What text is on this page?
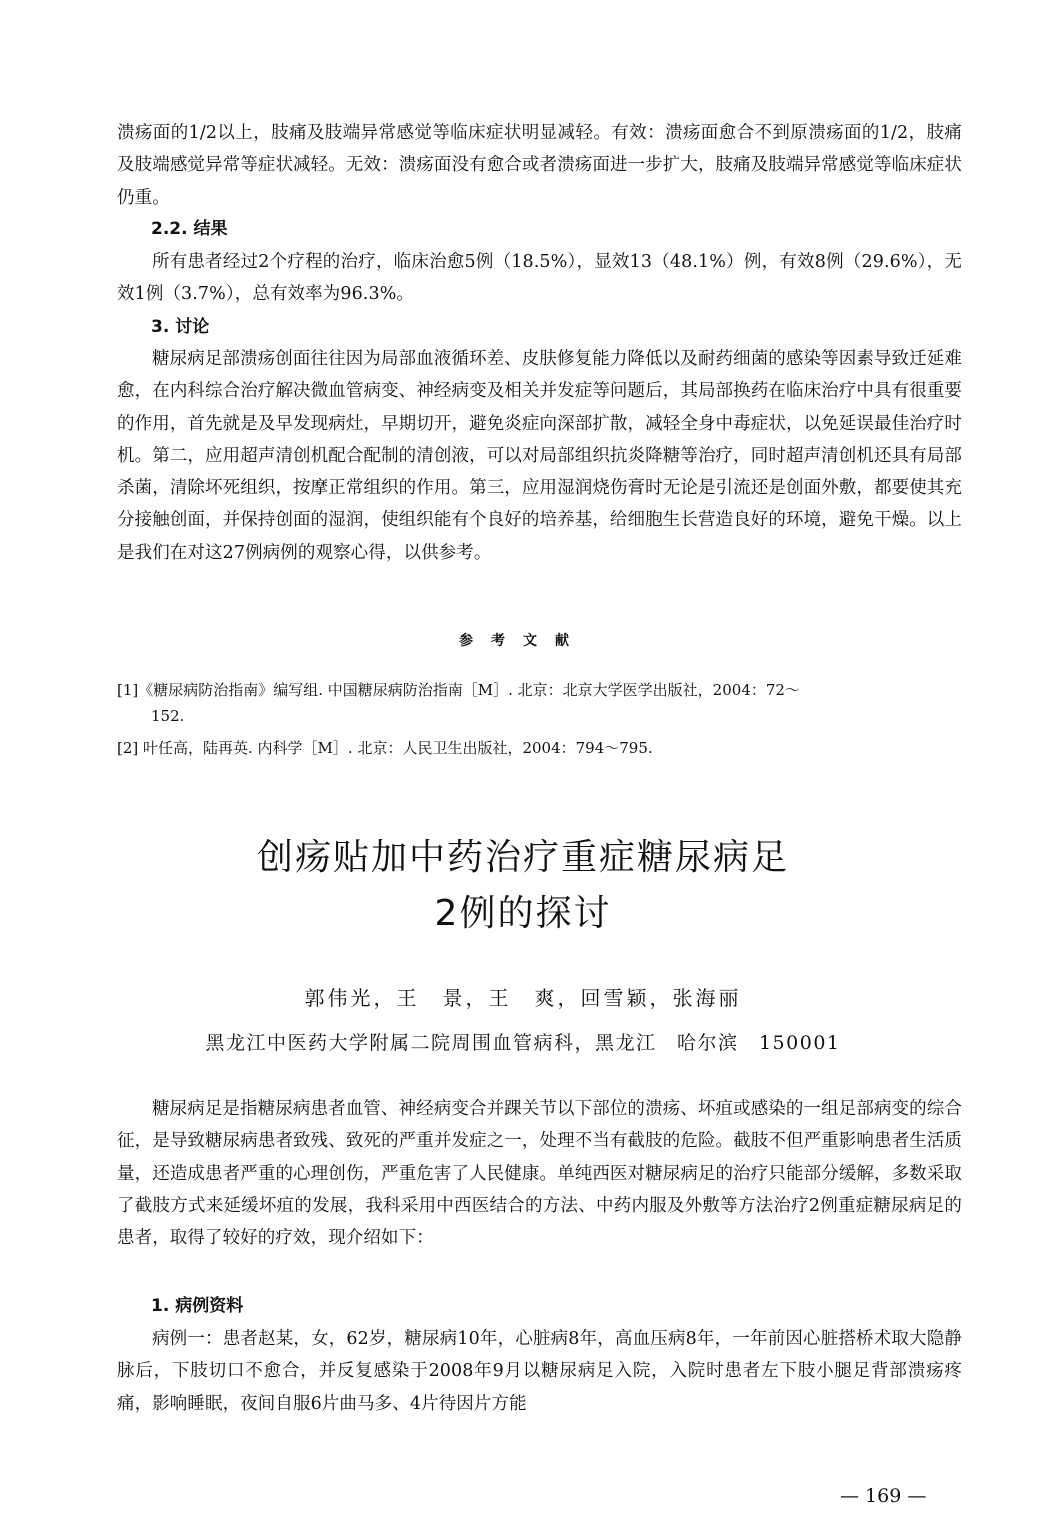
溃疡面的1/2以上，肢痛及肢端异常感觉等临床症状明显减轻。有效：溃疡面愈合不到原溃疡面的1/2，肢痛及肢端感觉异常等症状减轻。无效：溃疡面没有愈合或者溃疡面进一步扩大，肢痛及肢端异常感觉等临床症状仍重。

2.2. 结果

所有患者经过2个疗程的治疗，临床治愈5例（18.5%），显效13（48.1%）例，有效8例（29.6%），无效1例（3.7%），总有效率为96.3%。

3. 讨论

糖尿病足部溃疡创面往往因为局部血液循环差、皮肤修复能力降低以及耐药细菌的感染等因素导致迁延难愈，在内科综合治疗解决微血管病变、神经病变及相关并发症等问题后，其局部换药在临床治疗中具有很重要的作用，首先就是及早发现病灶，早期切开，避免炎症向深部扩散，减轻全身中毒症状，以免延误最佳治疗时机。第二，应用超声清创机配合配制的清创液，可以对局部组织抗炎降糖等治疗，同时超声清创机还具有局部杀菌，清除坏死组织，按摩正常组织的作用。第三，应用湿润烧伤膏时无论是引流还是创面外敷，都要使其充分接触创面，并保持创面的湿润，使组织能有个良好的培养基，给细胞生长营造良好的环境，避免干燥。以上是我们在对这27例病例的观察心得，以供参考。

参考文献

[1]《糖尿病防治指南》编写组. 中国糖尿病防治指南［M］. 北京：北京大学医学出版社，2004：72～
152.

[2] 叶任高，陆再英. 内科学［M］. 北京：人民卫生出版社，2004：794～795.

创疡贴加中药治疗重症糖尿病足
2例的探讨
郭伟光，王　景，王　爽，回雪颖，张海丽
黑龙江中医药大学附属二院周围血管病科，黑龙江　哈尔滨　150001

糖尿病足是指糖尿病患者血管、神经病变合并踝关节以下部位的溃疡、坏疽或感染的一组足部病变的综合征，是导致糖尿病患者致残、致死的严重并发症之一，处理不当有截肢的危险。截肢不但严重影响患者生活质量，还造成患者严重的心理创伤，严重危害了人民健康。单纯西医对糖尿病足的治疗只能部分缓解，多数采取了截肢方式来延缓坏疽的发展，我科采用中西医结合的方法、中药内服及外敷等方法治疗2例重症糖尿病足的患者，取得了较好的疗效，现介绍如下：

1. 病例资料

病例一：患者赵某，女，62岁，糖尿病10年，心脏病8年，高血压病8年，一年前因心脏搭桥术取大隐静脉后，下肢切口不愈合，并反复感染于2008年9月以糖尿病足入院，入院时患者左下肢小腿足背部溃疡疼痛，影响睡眠，夜间自服6片曲马多、4片待因片方能

— 169 —
